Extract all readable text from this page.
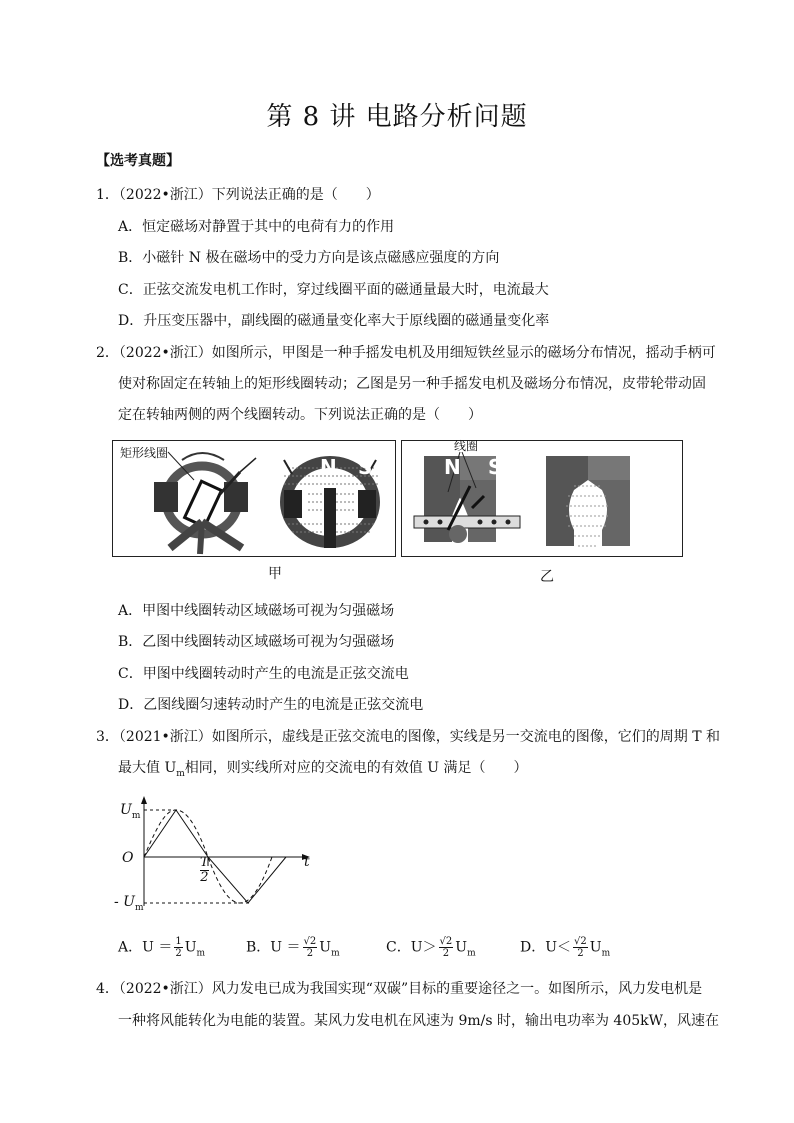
第 8 讲 电路分析问题
【选考真题】
1．（2022•浙江）下列说法正确的是（　　）
A．恒定磁场对静置于其中的电荷有力的作用
B．小磁针 N 极在磁场中的受力方向是该点磁感应强度的方向
C．正弦交流发电机工作时，穿过线圈平面的磁通量最大时，电流最大
D．升压变压器中，副线圈的磁通量变化率大于原线圈的磁通量变化率
2．（2022•浙江）如图所示，甲图是一种手摇发电机及用细短铁丝显示的磁场分布情况，摇动手柄可
使对称固定在转轴上的矩形线圈转动；乙图是另一种手摇发电机及磁场分布情况，皮带轮带动固
定在转轴两侧的两个线圈转动。下列说法正确的是（　　）
N S	N S
矩形线圈	线圈
甲	乙
A．甲图中线圈转动区域磁场可视为匀强磁场
B．乙图中线圈转动区域磁场可视为匀强磁场
C．甲图中线圈转动时产生的电流是正弦交流电
D．乙图线圈匀速转动时产生的电流是正弦交流电
3．（2021•浙江）如图所示，虚线是正弦交流电的图像，实线是另一交流电的图像，它们的周期 T 和
最大值 $U_m$相同，则实线所对应的交流电的有效值 U 满足（　　）
$U_m$
O	t
T
2
- $U_m$
A．$U = \frac{1}{2} U_m$	B．$U = \frac{√2}{2} U_m$	C．$U> \frac{√2}{2} U_m$	D．$U< \frac{√2}{2} U_m$
4．（2022•浙江）风力发电已成为我国实现“双碳”目标的重要途径之一。如图所示，风力发电机是
一种将风能转化为电能的装置。某风力发电机在风速为 9m/s 时，输出电功率为 405kW，风速在
